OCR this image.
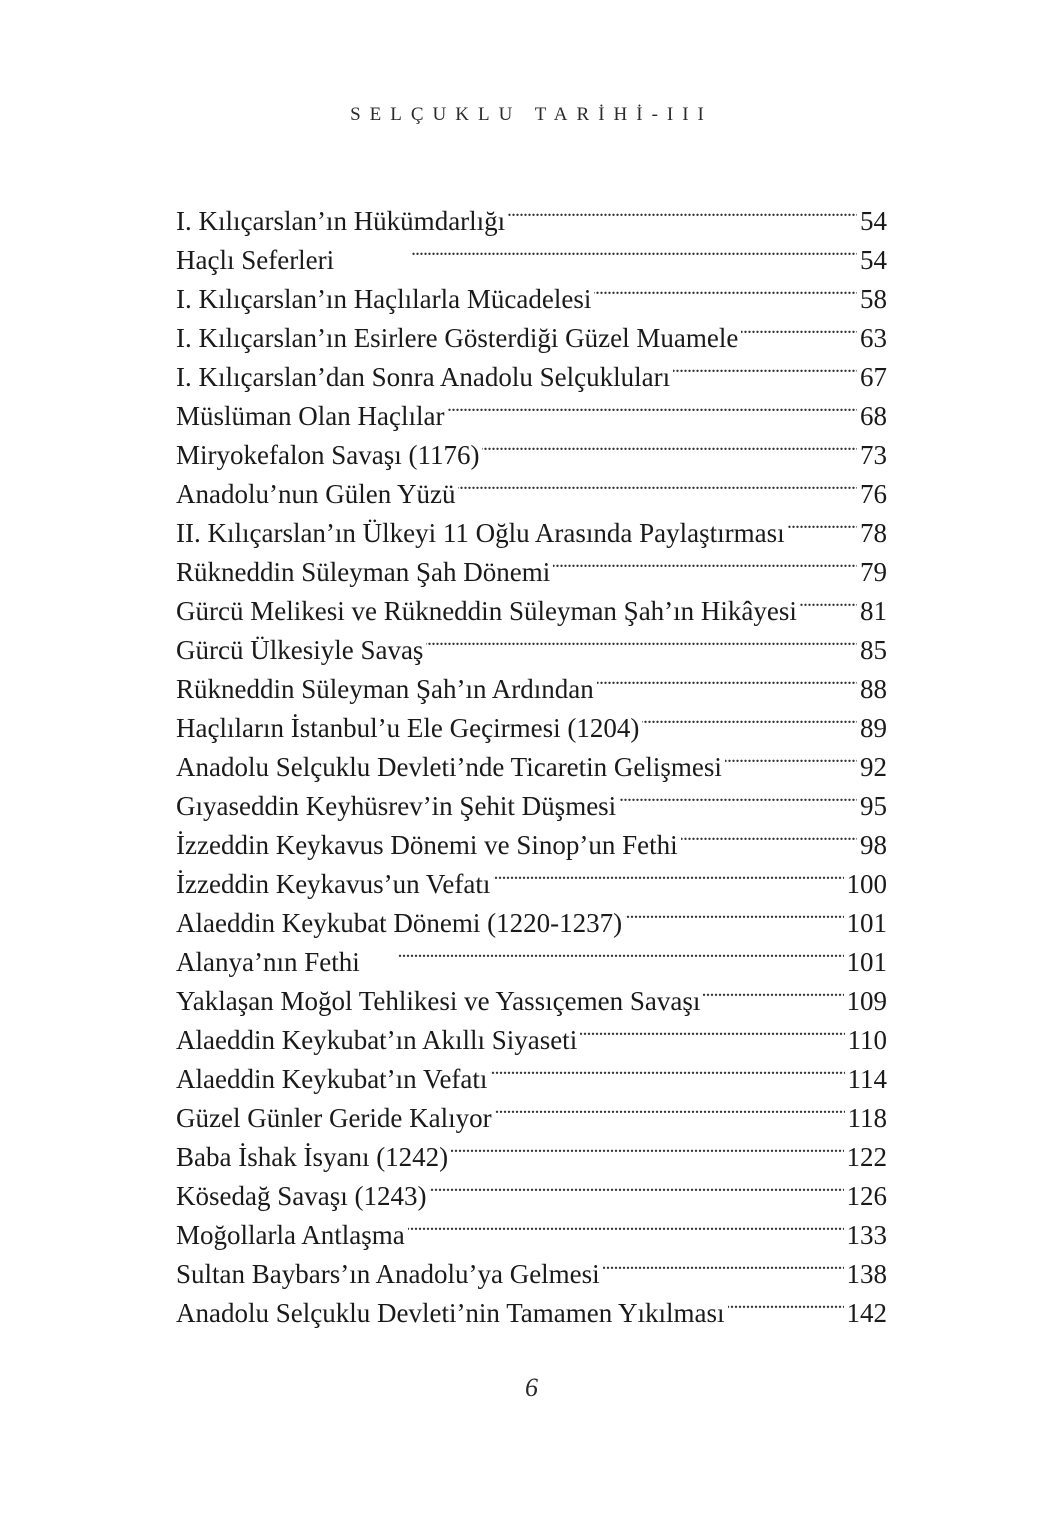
SELÇUKLU TARİHİ-III
I. Kılıçarslan’ın Hükümdarlığı . . .	54
Haçlı Seferleri . . .	54
I. Kılıçarslan’ın Haçlılarla Mücadelesi . . .	58
I. Kılıçarslan’ın Esirlere Gösterdiği Güzel Muamele . . .	63
I. Kılıçarslan’dan Sonra Anadolu Selçukluları . . .	67
Müslüman Olan Haçlılar . . .	68
Miryokefalon Savaşı (1176) . . .	73
Anadolu’nun Gülen Yüzü . . .	76
II. Kılıçarslan’ın Ülkeyi 11 Oğlu Arasında Paylaştırması . . .	78
Rükneddin Süleyman Şah Dönemi . . .	79
Gürcü Melikesi ve Rükneddin Süleyman Şah’ın Hikâyesi . . . 81
Gürcü Ülkesiyle Savaş . . .	85
Rükneddin Süleyman Şah’ın Ardından . . .	88
Haçlıların İstanbul’u Ele Geçirmesi (1204) . . .	89
Anadolu Selçuklu Devleti’nde Ticaretin Gelişmesi . . .	92
Gıyaseddin Keyhüsrev’in Şehit Düşmesi . . .	95
İzzeddin Keykavus Dönemi ve Sinop’un Fethi . . .	98
İzzeddin Keykavus’un Vefatı . . .	100
Alaeddin Keykubat Dönemi (1220-1237) . . .	101
Alanya’nın Fethi . . .	101
Yaklaşan Moğol Tehlikesi ve Yassıçemen Savaşı . . .	109
Alaeddin Keykubat’ın Akıllı Siyaseti . . .	110
Alaeddin Keykubat’ın Vefatı . . .	114
Güzel Günler Geride Kalıyor . . .	118
Baba İshak İsyanı (1242) . . .	122
Kösedağ Savaşı (1243) . . .	126
Moğollarla Antlaşma . . .	133
Sultan Baybars’ın Anadolu’ya Gelmesi . . .	138
Anadolu Selçuklu Devleti’nin Tamamen Yıkılması . . .	142
6
